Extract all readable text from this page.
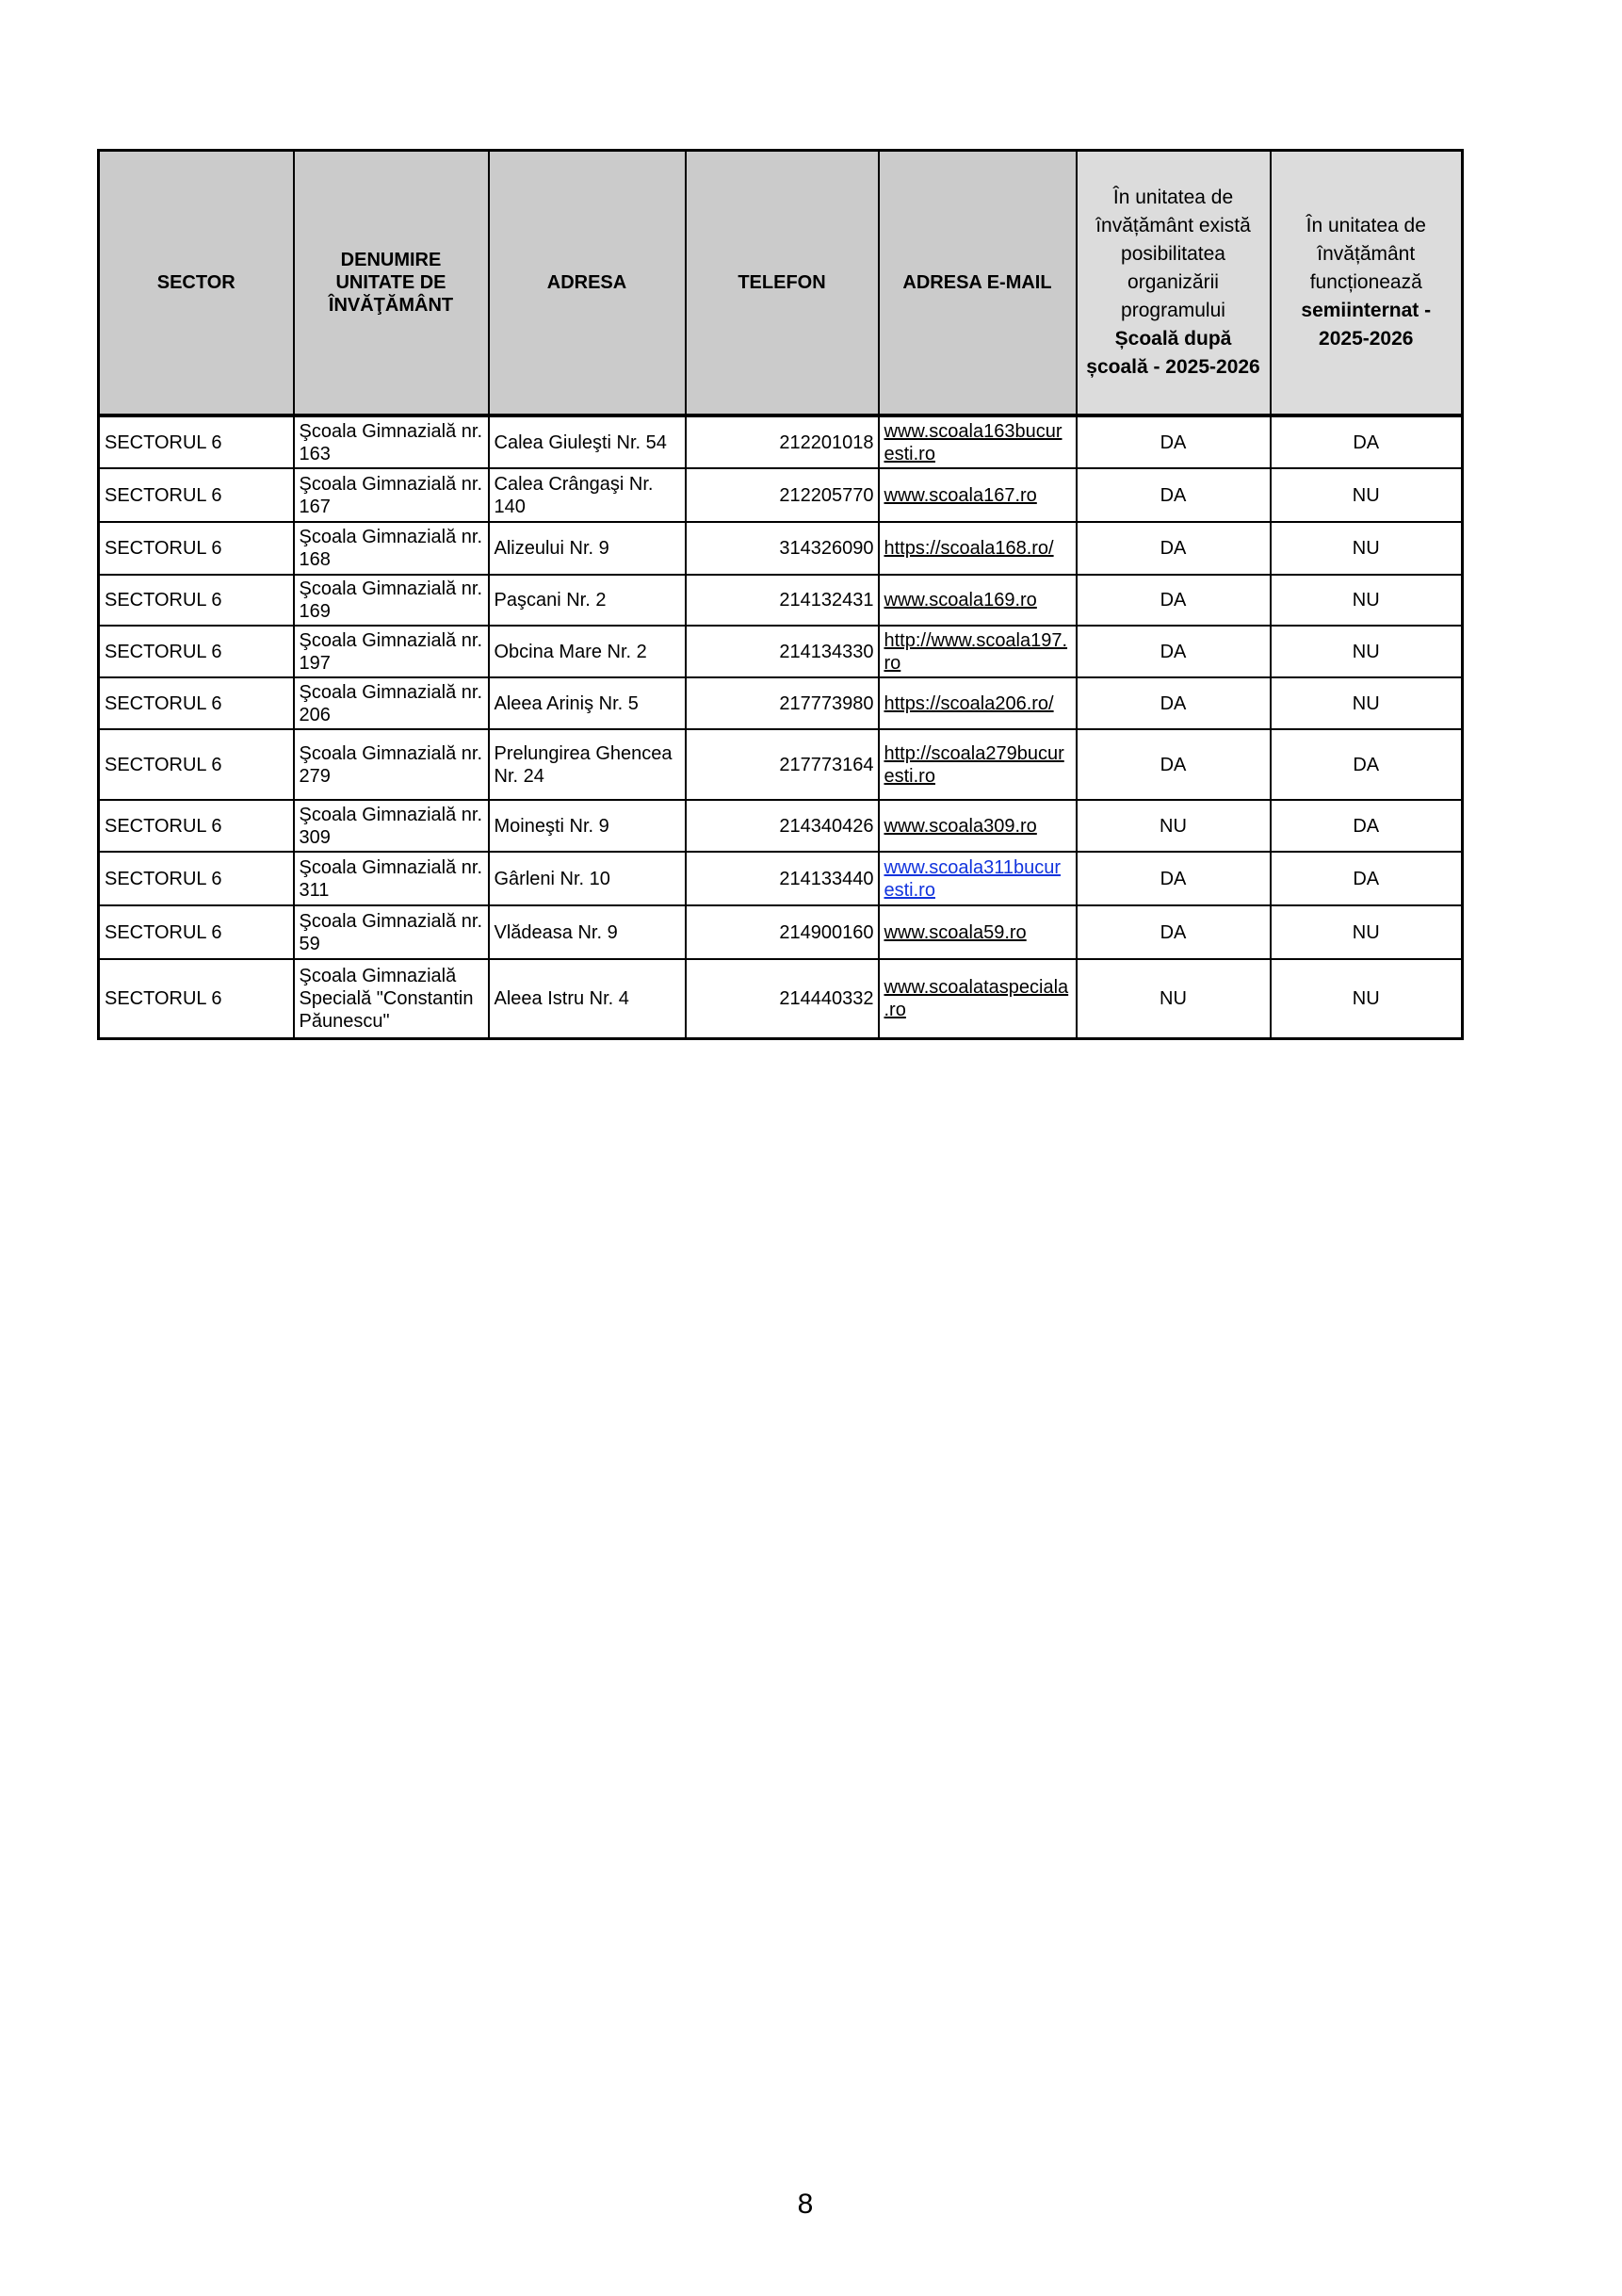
SECTOR	DENUMIRE UNITATE DE ÎNVĂŢĂMÂNT	ADRESA	TELEFON	ADRESA E-MAIL	În unitatea de învățământ există posibilitatea organizării programului
Școală după școală - 2025-2026	În unitatea de învățământ funcționează
semiinternat - 2025-2026

SECTORUL 6	Şcoala Gimnazială nr. 163	Calea Giuleşti Nr. 54	212201018	www.scoala163bucuresti.ro	DA	DA
SECTORUL 6	Şcoala Gimnazială nr. 167	Calea Crângaşi Nr. 140	212205770	www.scoala167.ro	DA	NU
SECTORUL 6	Şcoala Gimnazială nr. 168	Alizeului Nr. 9	314326090	https://scoala168.ro/	DA	NU
SECTORUL 6	Şcoala Gimnazială nr. 169	Paşcani Nr. 2	214132431	www.scoala169.ro	DA	NU
SECTORUL 6	Şcoala Gimnazială nr. 197	Obcina Mare Nr. 2	214134330	http://www.scoala197.ro	DA	NU
SECTORUL 6	Şcoala Gimnazială nr. 206	Aleea Ariniş Nr. 5	217773980	https://scoala206.ro/	DA	NU
SECTORUL 6	Şcoala Gimnazială nr. 279	Prelungirea Ghencea Nr. 24	217773164	http://scoala279bucuresti.ro	DA	DA
SECTORUL 6	Şcoala Gimnazială nr. 309	Moineşti Nr. 9	214340426	www.scoala309.ro	NU	DA
SECTORUL 6	Şcoala Gimnazială nr. 311	Gârleni Nr. 10	214133440	www.scoala311bucuresti.ro	DA	DA
SECTORUL 6	Şcoala Gimnazială nr. 59	Vlădeasa Nr. 9	214900160	www.scoala59.ro	DA	NU
SECTORUL 6	Şcoala Gimnazială Specială "Constantin Păunescu"	Aleea Istru Nr. 4	214440332	www.scoalataspeciala.ro	NU	NU
8
